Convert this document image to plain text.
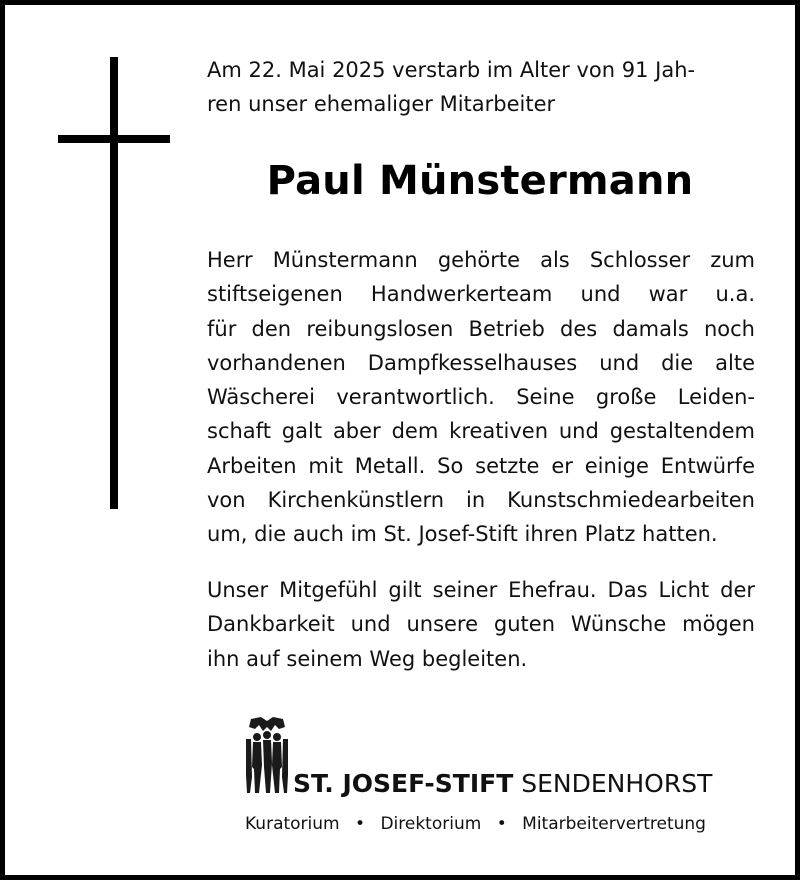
Am 22. Mai 2025 verstarb im Alter von 91 Jah-
ren unser ehemaliger Mitarbeiter
Paul Münstermann
Herr Münstermann gehörte als Schlosser zum
stiftseigenen Handwerkerteam und war u.a.
für den reibungslosen Betrieb des damals noch
vorhandenen Dampfkesselhauses und die alte
Wäscherei verantwortlich. Seine große Leiden-
schaft galt aber dem kreativen und gestaltendem
Arbeiten mit Metall. So setzte er einige Entwürfe
von Kirchenkünstlern in Kunstschmiedearbeiten
um, die auch im St. Josef-Stift ihren Platz hatten.
Unser Mitgefühl gilt seiner Ehefrau. Das Licht der
Dankbarkeit und unsere guten Wünsche mögen
ihn auf seinem Weg begleiten.
ST. JOSEF-STIFT SENDENHORST
Kuratorium • Direktorium • Mitarbeitervertretung
